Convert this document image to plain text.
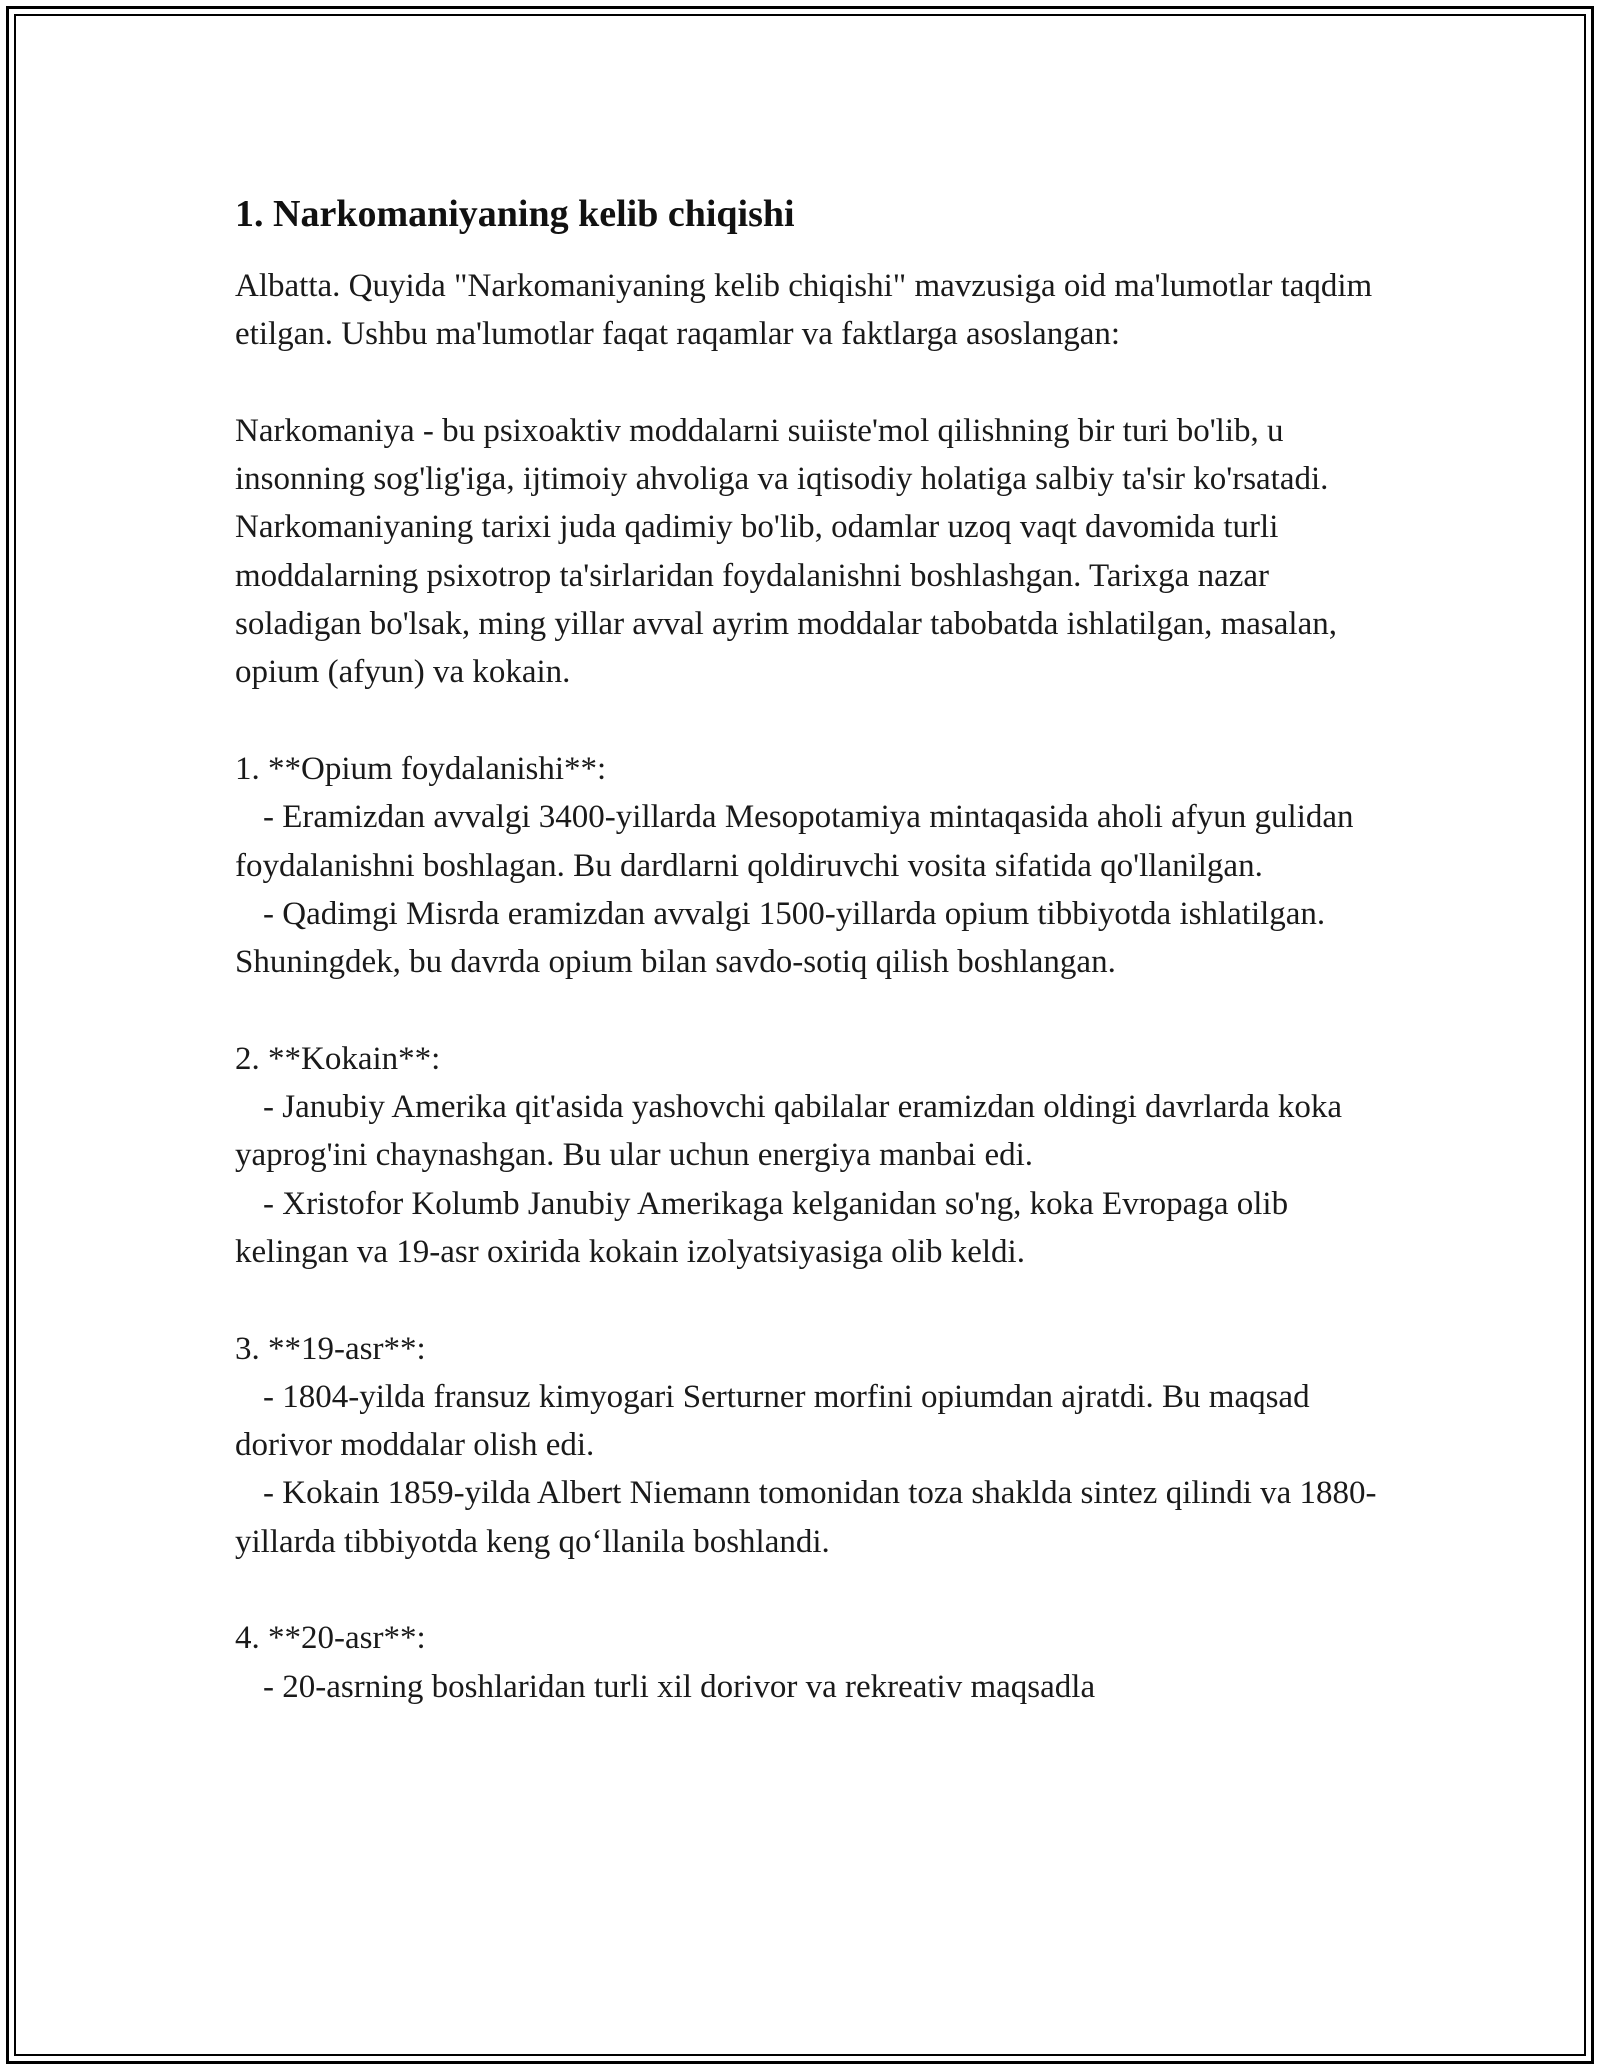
1. Narkomaniyaning kelib chiqishi

Albatta. Quyida "Narkomaniyaning kelib chiqishi" mavzusiga oid ma'lumotlar taqdim etilgan. Ushbu ma'lumotlar faqat raqamlar va faktlarga asoslangan:

Narkomaniya - bu psixoaktiv moddalarni suiiste'mol qilishning bir turi bo'lib, u insonning sog'lig'iga, ijtimoiy ahvoliga va iqtisodiy holatiga salbiy ta'sir ko'rsatadi. Narkomaniyaning tarixi juda qadimiy bo'lib, odamlar uzoq vaqt davomida turli moddalarning psixotrop ta'sirlaridan foydalanishni boshlashgan. Tarixga nazar soladigan bo'lsak, ming yillar avval ayrim moddalar tabobatda ishlatilgan, masalan, opium (afyun) va kokain.

1. **Opium foydalanishi**:

- Eramizdan avvalgi 3400-yillarda Mesopotamiya mintaqasida aholi afyun gulidan foydalanishni boshlagan. Bu dardlarni qoldiruvchi vosita sifatida qo'llanilgan.

- Qadimgi Misrda eramizdan avvalgi 1500-yillarda opium tibbiyotda ishlatilgan. Shuningdek, bu davrda opium bilan savdo-sotiq qilish boshlangan.

2. **Kokain**:

- Janubiy Amerika qit'asida yashovchi qabilalar eramizdan oldingi davrlarda koka yaprog'ini chaynashgan. Bu ular uchun energiya manbai edi.

- Xristofor Kolumb Janubiy Amerikaga kelganidan so'ng, koka Evropaga olib kelingan va 19-asr oxirida kokain izolyatsiyasiga olib keldi.

3. **19-asr**:

- 1804-yilda fransuz kimyogari Serturner morfini opiumdan ajratdi. Bu maqsad dorivor moddalar olish edi.

- Kokain 1859-yilda Albert Niemann tomonidan toza shaklda sintez qilindi va 1880-yillarda tibbiyotda keng qo‘llanila boshlandi.

4. **20-asr**:

- 20-asrning boshlaridan turli xil dorivor va rekreativ maqsadla
